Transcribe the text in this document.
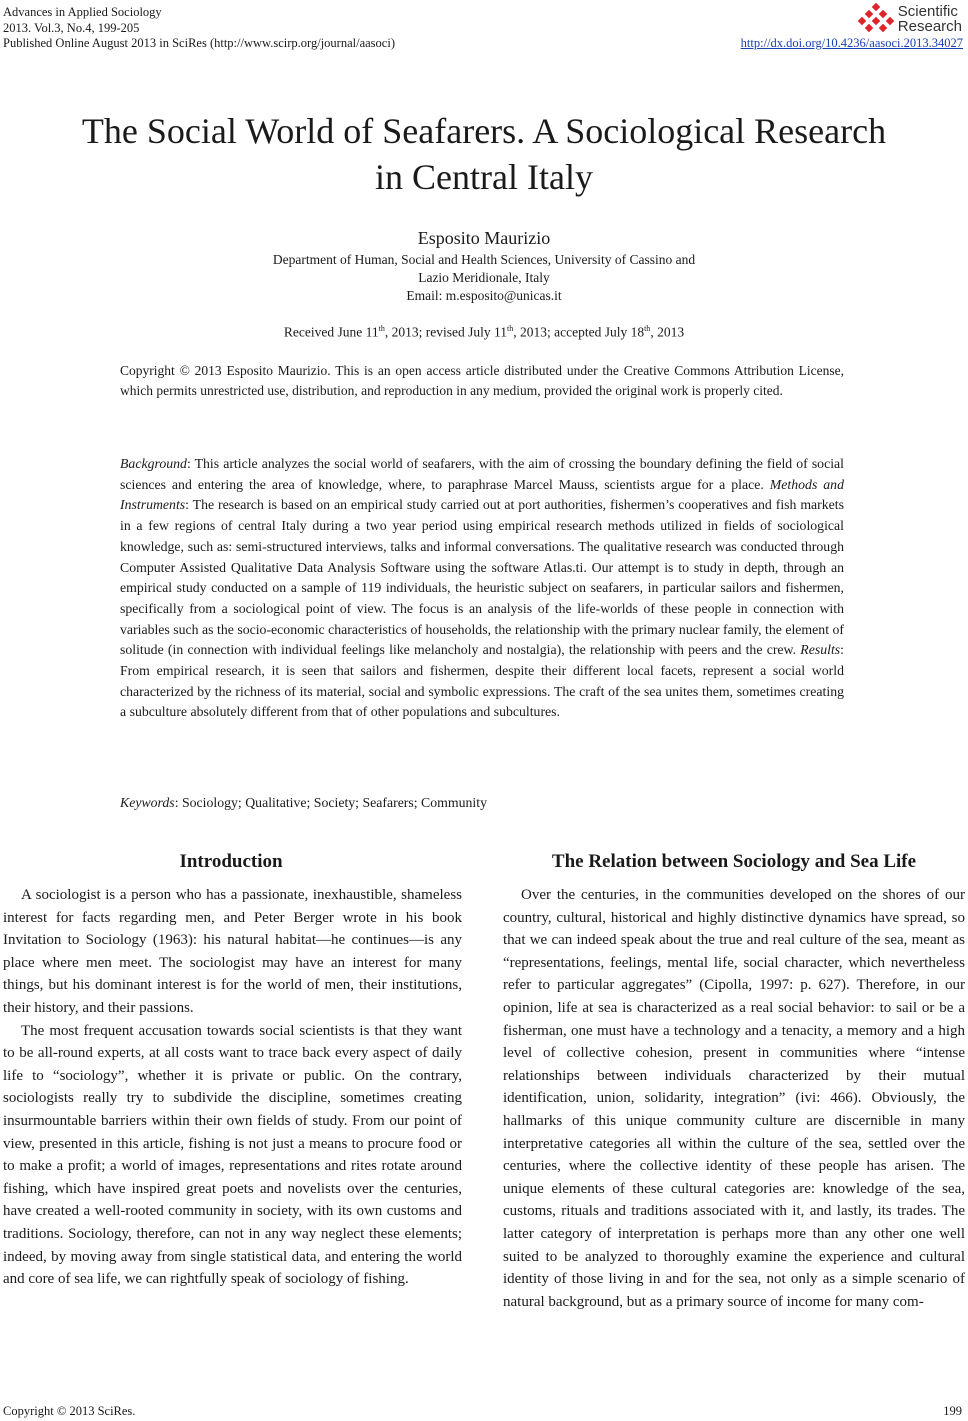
Advances in Applied Sociology
2013. Vol.3, No.4, 199-205
Published Online August 2013 in SciRes (http://www.scirp.org/journal/aasoci)
Scientific
Research
http://dx.doi.org/10.4236/aasoci.2013.34027
The Social World of Seafarers. A Sociological Research
in Central Italy
Esposito Maurizio
Department of Human, Social and Health Sciences, University of Cassino and
Lazio Meridionale, Italy
Email: m.esposito@unicas.it
Received June 11th, 2013; revised July 11th, 2013; accepted July 18th, 2013
Copyright © 2013 Esposito Maurizio. This is an open access article distributed under the Creative Commons Attribution License, which permits unrestricted use, distribution, and reproduction in any medium, provided the original work is properly cited.
Background: This article analyzes the social world of seafarers, with the aim of crossing the boundary defining the field of social sciences and entering the area of knowledge, where, to paraphrase Marcel Mauss, scientists argue for a place. Methods and Instruments: The research is based on an empirical study carried out at port authorities, fishermen’s cooperatives and fish markets in a few regions of central Italy during a two year period using empirical research methods utilized in fields of sociological knowledge, such as: semi-structured interviews, talks and informal conversations. The qualitative research was conducted through Computer Assisted Qualitative Data Analysis Software using the software Atlas.ti. Our attempt is to study in depth, through an empirical study conducted on a sample of 119 individuals, the heuristic subject on seafarers, in particular sailors and fishermen, specifically from a sociological point of view. The focus is an analysis of the life-worlds of these people in connection with variables such as the socio-economic characteristics of households, the relationship with the primary nuclear family, the element of solitude (in connection with individual feelings like melancholy and nostalgia), the relationship with peers and the crew. Results: From empirical research, it is seen that sailors and fishermen, despite their different local facets, represent a social world characterized by the richness of its material, social and symbolic expressions. The craft of the sea unites them, sometimes creating a subculture absolutely different from that of other populations and subcultures.
Keywords: Sociology; Qualitative; Society; Seafarers; Community
Introduction

A sociologist is a person who has a passionate, inexhaustible, shameless interest for facts regarding men, and Peter Berger wrote in his book Invitation to Sociology (1963): his natural habitat—he continues—is any place where men meet. The sociologist may have an interest for many things, but his dominant interest is for the world of men, their institutions, their history, and their passions.

The most frequent accusation towards social scientists is that they want to be all-round experts, at all costs want to trace back every aspect of daily life to “sociology”, whether it is private or public. On the contrary, sociologists really try to subdivide the discipline, sometimes creating insurmountable barriers within their own fields of study. From our point of view, presented in this article, fishing is not just a means to procure food or to make a profit; a world of images, representations and rites rotate around fishing, which have inspired great poets and novelists over the centuries, have created a well-rooted community in society, with its own customs and traditions. Sociology, therefore, can not in any way neglect these elements; indeed, by moving away from single statistical data, and entering the world and core of sea life, we can rightfully speak of sociology of fishing.

The Relation between Sociology and Sea Life

Over the centuries, in the communities developed on the shores of our country, cultural, historical and highly distinctive dynamics have spread, so that we can indeed speak about the true and real culture of the sea, meant as “representations, feelings, mental life, social character, which nevertheless refer to particular aggregates” (Cipolla, 1997: p. 627). Therefore, in our opinion, life at sea is characterized as a real social behavior: to sail or be a fisherman, one must have a technology and a tenacity, a memory and a high level of collective cohesion, present in communities where “intense relationships between individuals characterized by their mutual identification, union, solidarity, integration” (ivi: 466). Obviously, the hallmarks of this unique community culture are discernible in many interpretative categories all within the culture of the sea, settled over the centuries, where the collective identity of these people has arisen. The unique elements of these cultural categories are: knowledge of the sea, customs, rituals and traditions associated with it, and lastly, its trades. The latter category of interpretation is perhaps more than any other one well suited to be analyzed to thoroughly examine the experience and cultural identity of those living in and for the sea, not only as a simple scenario of natural background, but as a primary source of income for many com-

Copyright © 2013 SciRes.	199
